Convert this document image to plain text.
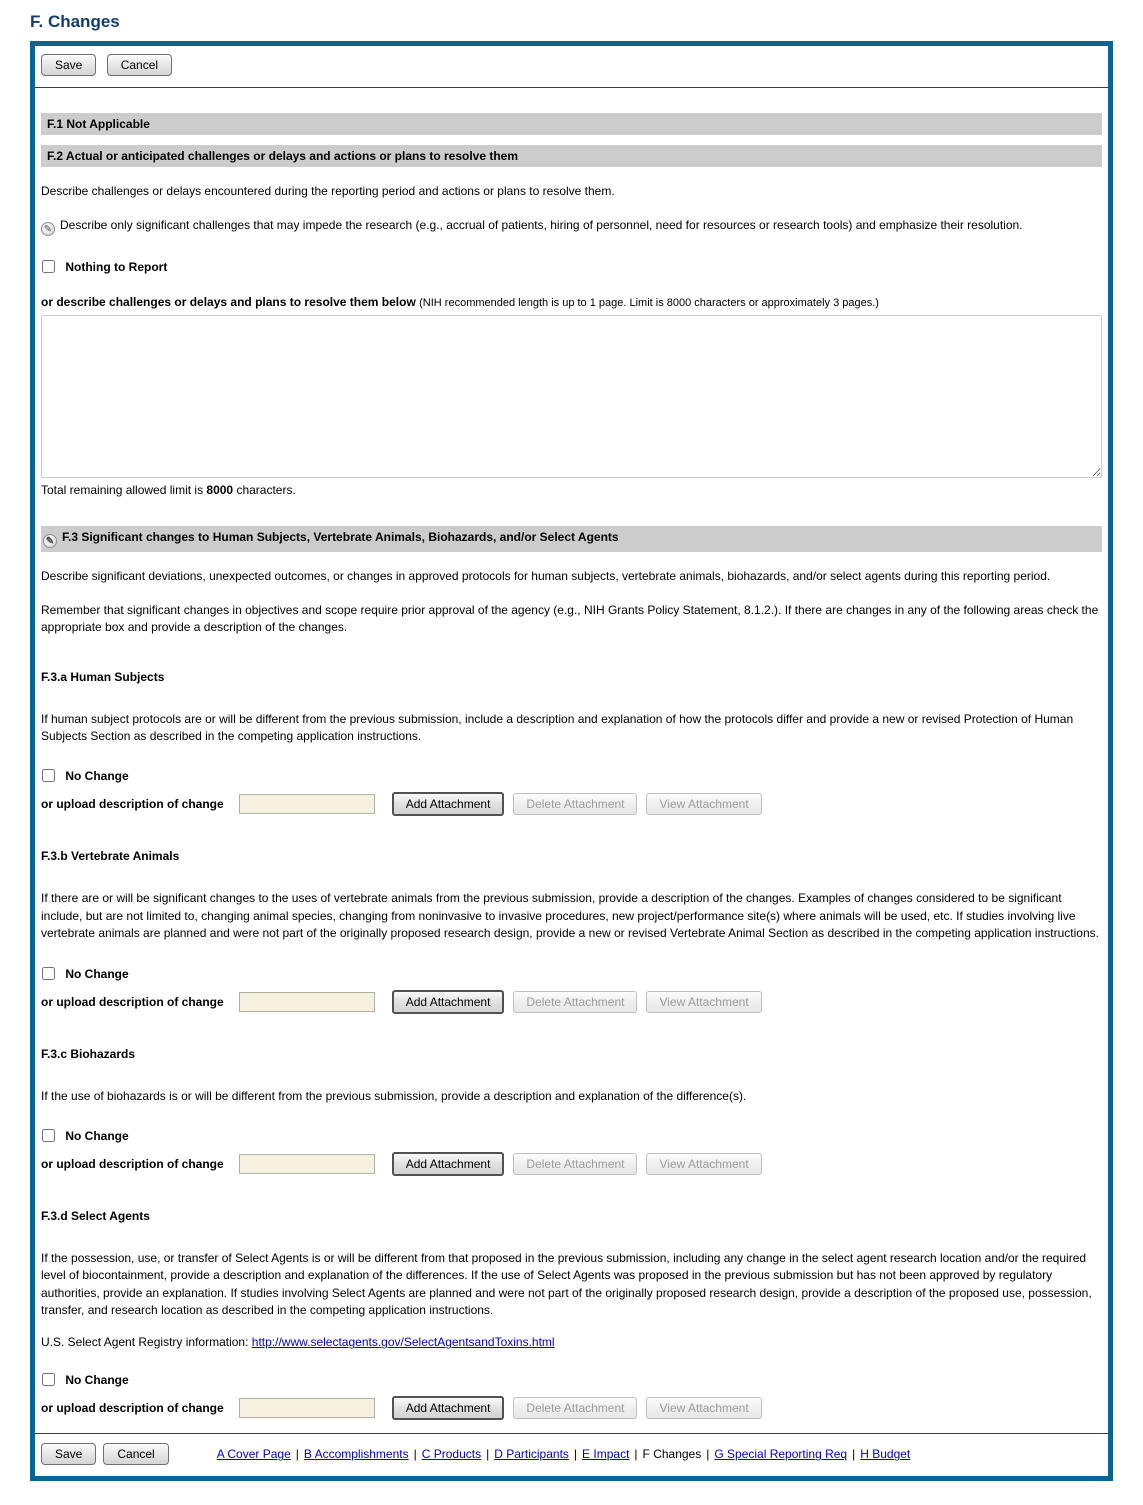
F. Changes
Save	Cancel
F.1 Not Applicable
F.2 Actual or anticipated challenges or delays and actions or plans to resolve them

Describe challenges or delays encountered during the reporting period and actions or plans to resolve them.

✎ Describe only significant challenges that may impede the research (e.g., accrual of patients, hiring of personnel, need for resources or research tools) and emphasize their resolution.
Nothing to Report
or describe challenges or delays and plans to resolve them below (NIH recommended length is up to 1 page. Limit is 8000 characters or approximately 3 pages.)
Total remaining allowed limit is 8000 characters.
✎ F.3 Significant changes to Human Subjects, Vertebrate Animals, Biohazards, and/or Select Agents

Describe significant deviations, unexpected outcomes, or changes in approved protocols for human subjects, vertebrate animals, biohazards, and/or select agents during this reporting period.

Remember that significant changes in objectives and scope require prior approval of the agency (e.g., NIH Grants Policy Statement, 8.1.2.). If there are changes in any of the following areas check the appropriate box and provide a description of the changes.

F.3.a Human Subjects

If human subject protocols are or will be different from the previous submission, include a description and explanation of how the protocols differ and provide a new or revised Protection of Human Subjects Section as described in the competing application instructions.

No Change
or upload description of change	Add Attachment	Delete Attachment	View Attachment
F.3.b Vertebrate Animals

If there are or will be significant changes to the uses of vertebrate animals from the previous submission, provide a description of the changes. Examples of changes considered to be significant include, but are not limited to, changing animal species, changing from noninvasive to invasive procedures, new project/performance site(s) where animals will be used, etc. If studies involving live vertebrate animals are planned and were not part of the originally proposed research design, provide a new or revised Vertebrate Animal Section as described in the competing application instructions.

No Change
or upload description of change	Add Attachment	Delete Attachment	View Attachment
F.3.c Biohazards

If the use of biohazards is or will be different from the previous submission, provide a description and explanation of the difference(s).

No Change
or upload description of change	Add Attachment	Delete Attachment	View Attachment
F.3.d Select Agents

If the possession, use, or transfer of Select Agents is or will be different from that proposed in the previous submission, including any change in the select agent research location and/or the required level of biocontainment, provide a description and explanation of the differences. If the use of Select Agents was proposed in the previous submission but has not been approved by regulatory authorities, provide an explanation. If studies involving Select Agents are planned and were not part of the originally proposed research design, provide a description of the proposed use, possession, transfer, and research location as described in the competing application instructions.

U.S. Select Agent Registry information: http://www.selectagents.gov/SelectAgentsandToxins.html
No Change
or upload description of change	Add Attachment	Delete Attachment	View Attachment
Save	Cancel	A Cover Page | B Accomplishments | C Products | D Participants | E Impact | F Changes | G Special Reporting Req | H Budget
